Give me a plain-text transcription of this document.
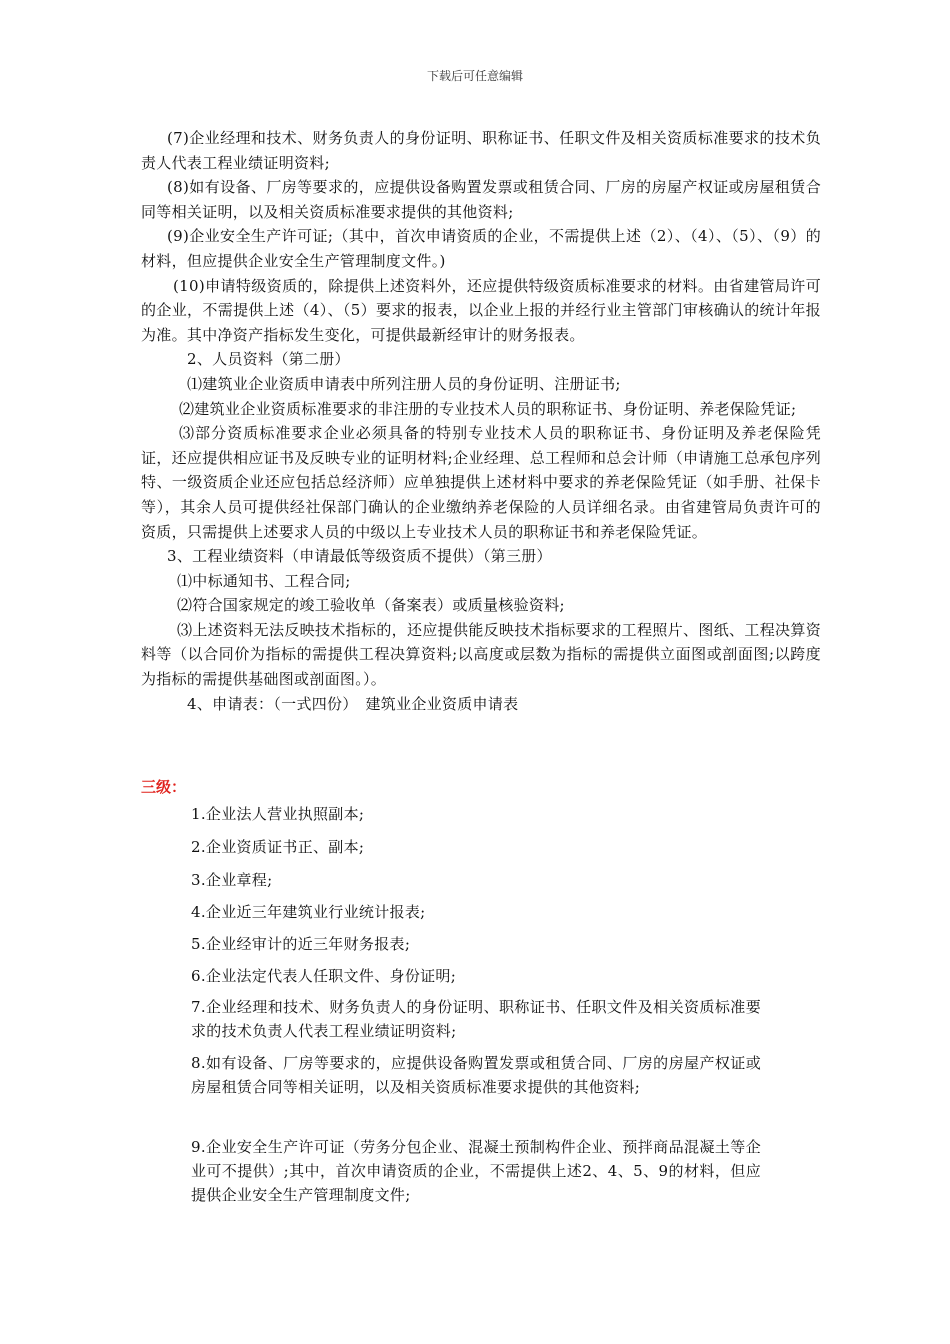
下载后可任意编辑

(7)企业经理和技术、财务负责人的身份证明、职称证书、任职文件及相关资质标准要求的技术负责人代表工程业绩证明资料;

(8)如有设备、厂房等要求的，应提供设备购置发票或租赁合同、厂房的房屋产权证或房屋租赁合同等相关证明，以及相关资质标准要求提供的其他资料;

(9)企业安全生产许可证;（其中，首次申请资质的企业，不需提供上述（2）、（4）、（5）、（9）的材料，但应提供企业安全生产管理制度文件。)

(10)申请特级资质的，除提供上述资料外，还应提供特级资质标准要求的材料。由省建管局许可的企业，不需提供上述（4）、（5）要求的报表，以企业上报的并经行业主管部门审核确认的统计年报为准。其中净资产指标发生变化，可提供最新经审计的财务报表。

2、人员资料（第二册）

⑴建筑业企业资质申请表中所列注册人员的身份证明、注册证书;

⑵建筑业企业资质标准要求的非注册的专业技术人员的职称证书、身份证明、养老保险凭证;

⑶部分资质标准要求企业必须具备的特别专业技术人员的职称证书、身份证明及养老保险凭证，还应提供相应证书及反映专业的证明材料;企业经理、总工程师和总会计师（申请施工总承包序列特、一级资质企业还应包括总经济师）应单独提供上述材料中要求的养老保险凭证（如手册、社保卡等），其余人员可提供经社保部门确认的企业缴纳养老保险的人员详细名录。由省建管局负责许可的资质，只需提供上述要求人员的中级以上专业技术人员的职称证书和养老保险凭证。

3、工程业绩资料（申请最低等级资质不提供）（第三册）

⑴中标通知书、工程合同;

⑵符合国家规定的竣工验收单（备案表）或质量核验资料;

⑶上述资料无法反映技术指标的，还应提供能反映技术指标要求的工程照片、图纸、工程决算资料等（以合同价为指标的需提供工程决算资料;以高度或层数为指标的需提供立面图或剖面图;以跨度为指标的需提供基础图或剖面图。）。

4、申请表：（一式四份）　建筑业企业资质申请表

三级：

1.企业法人营业执照副本;

2.企业资质证书正、副本;

3.企业章程;

4.企业近三年建筑业行业统计报表;

5.企业经审计的近三年财务报表;

6.企业法定代表人任职文件、身份证明;

7.企业经理和技术、财务负责人的身份证明、职称证书、任职文件及相关资质标准要求的技术负责人代表工程业绩证明资料;

8.如有设备、厂房等要求的，应提供设备购置发票或租赁合同、厂房的房屋产权证或房屋租赁合同等相关证明，以及相关资质标准要求提供的其他资料;

9.企业安全生产许可证（劳务分包企业、混凝土预制构件企业、预拌商品混凝土等企业可不提供）;其中，首次申请资质的企业，不需提供上述2、4、5、9的材料，但应提供企业安全生产管理制度文件;
